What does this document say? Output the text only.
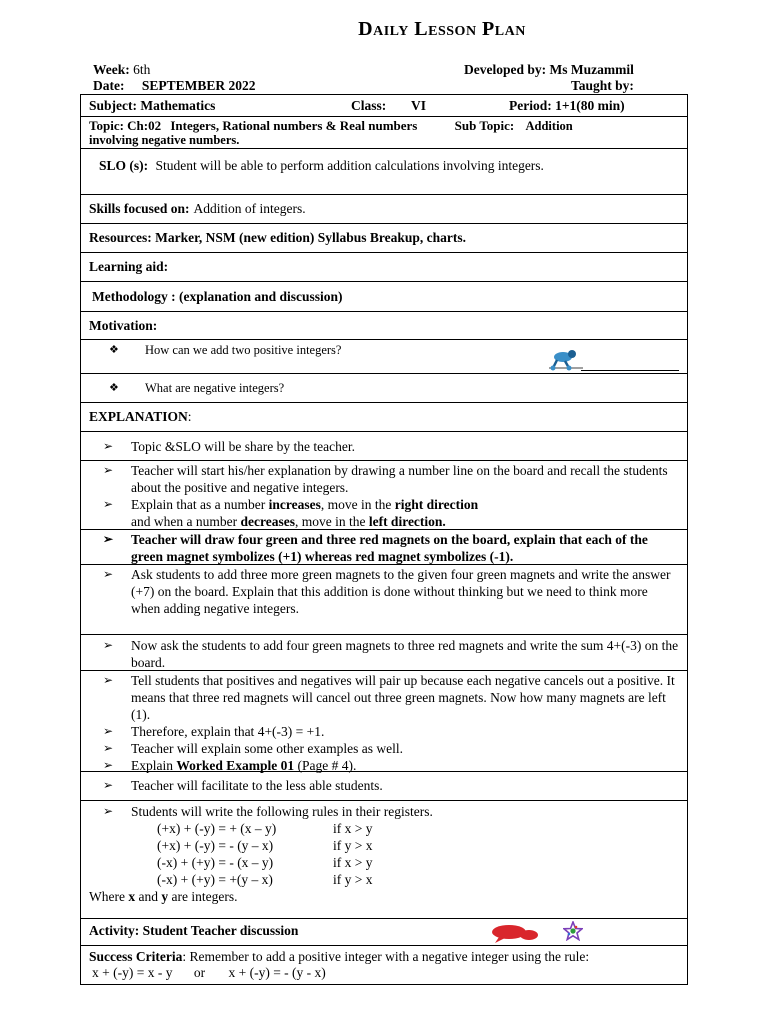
Daily Lesson Plan
Week: 6th
Date: SEPTEMBER 2022
Developed by: Ms Muzammil
Taught by:
Subject: Mathematics	Class:	VI	Period: 1+1(80 min)
Topic: Ch:02 Integers, Rational numbers & Real numbers	Sub Topic: Addition
involving negative numbers.
SLO (s): Student will be able to perform addition calculations involving integers.
Skills focused on: Addition of integers.
Resources: Marker, NSM (new edition) Syllabus Breakup, charts.
Learning aid:
Methodology : (explanation and discussion)
Motivation:
❖	How can we add two positive integers?
❖	What are negative integers?
EXPLANATION :
➢	Topic &SLO will be share by the teacher.
➢	Teacher will start his/her explanation by drawing a number line on the board and recall the students about the positive and negative integers.
➢	Explain that as a number increases, move in the right direction
and when a number decreases, move in the left direction.
➢	Teacher will draw four green and three red magnets on the board, explain that each of the green magnet symbolizes (+1) whereas red magnet symbolizes (-1).
➢	Ask students to add three more green magnets to the given four green magnets and write the answer (+7) on the board. Explain that this addition is done without thinking but we need to think more when adding negative integers.
➢	Now ask the students to add four green magnets to three red magnets and write the sum 4+(-3) on the board.
➢	Tell students that positives and negatives will pair up because each negative cancels out a positive. It means that three red magnets will cancel out three green magnets. Now how many magnets are left (1).
➢	Therefore, explain that 4+(-3) = +1.
➢	Teacher will explain some other examples as well.
➢	Explain Worked Example 01 (Page # 4).
➢	Teacher will facilitate to the less able students.
➢	Students will write the following rules in their registers.
(+x) + (-y) = + (x – y)	if x > y
(+x) + (-y) = - (y – x)	if y > x
(-x) + (+y) = - (x – y)	if x > y
(-x) + (+y) = +(y – x)	if y > x
Where x and y are integers.
Activity: Student Teacher discussion
Success Criteria: Remember to add a positive integer with a negative integer using the rule:
x + (-y) = x - y or x + (-y) = - (y - x)
